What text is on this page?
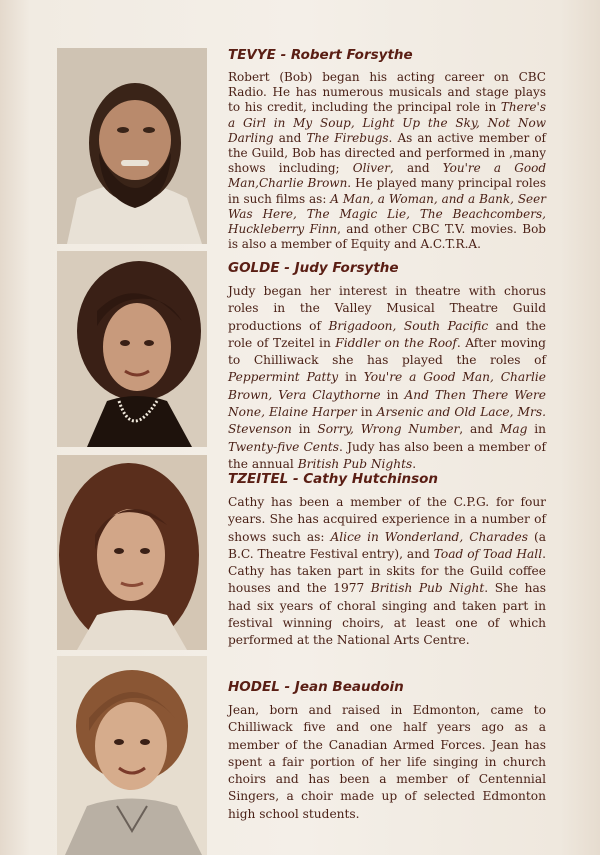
TEVYE - Robert Forsythe

Robert (Bob) began his acting career on CBC Radio. He has numerous musicals and stage plays to his credit, including the principal role in There's a Girl in My Soup, Light Up the Sky, Not Now Darling and The Firebugs. As an active member of the Guild, Bob has directed and performed in ,many shows including; Oliver, and You're a Good Man,Charlie Brown. He played many principal roles in such films as: A Man, a Woman, and a Bank, Seer Was Here, The Magic Lie, The Beachcombers, Huckleberry Finn, and other CBC T.V. movies. Bob is also a member of Equity and A.C.T.R.A.

GOLDE - Judy Forsythe

Judy began her interest in theatre with chorus roles in the Valley Musical Theatre Guild productions of Brigadoon, South Pacific and the role of Tzeitel in Fiddler on the Roof. After moving to Chilliwack she has played the roles of Peppermint Patty in You're a Good Man, Charlie Brown, Vera Claythorne in And Then There Were None, Elaine Harper in Arsenic and Old Lace, Mrs. Stevenson in Sorry, Wrong Number, and Mag in Twenty-five Cents. Judy has also been a member of the annual British Pub Nights.

TZEITEL - Cathy Hutchinson

Cathy has been a member of the C.P.G. for four years. She has acquired experience in a number of shows such as: Alice in Wonderland, Charades (a B.C. Theatre Festival entry), and Toad of Toad Hall. Cathy has taken part in skits for the Guild coffee houses and the 1977 British Pub Night. She has had six years of choral singing and taken part in festival winning choirs, at least one of which performed at the National Arts Centre.

HODEL - Jean Beaudoin

Jean, born and raised in Edmonton, came to Chilliwack five and one half years ago as a member of the Canadian Armed Forces. Jean has spent a fair portion of her life singing in church choirs and has been a member of Centennial Singers, a choir made up of selected Edmonton high school students.
